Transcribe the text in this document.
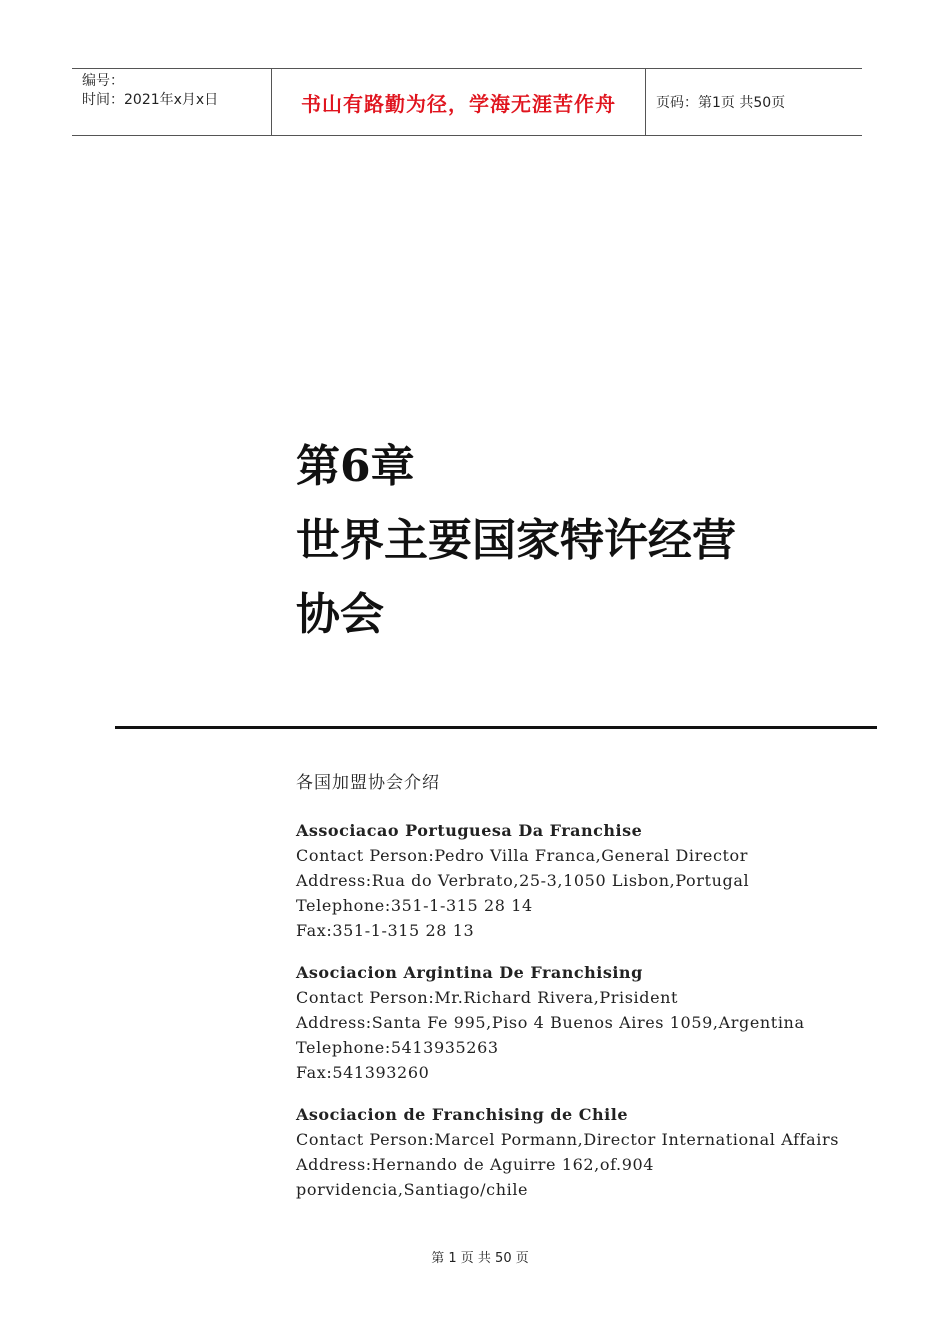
编号：
时间：2021年x月x日	书山有路勤为径，学海无涯苦作舟	页码：第1页 共50页
第6章
世界主要国家特许经营
协会
各国加盟协会介绍
Associacao Portuguesa Da Franchise
Contact Person:Pedro Villa Franca,General Director
Address:Rua do Verbrato,25-3,1050 Lisbon,Portugal
Telephone:351-1-315 28 14
Fax:351-1-315 28 13
Asociacion Argintina De Franchising
Contact Person:Mr.Richard Rivera,Prisident
Address:Santa Fe 995,Piso 4 Buenos Aires 1059,Argentina
Telephone:5413935263
Fax:541393260
Asociacion de Franchising de Chile
Contact Person:Marcel Pormann,Director International Affairs
Address:Hernando de Aguirre 162,of.904
porvidencia,Santiago/chile
第 1 页 共 50 页
